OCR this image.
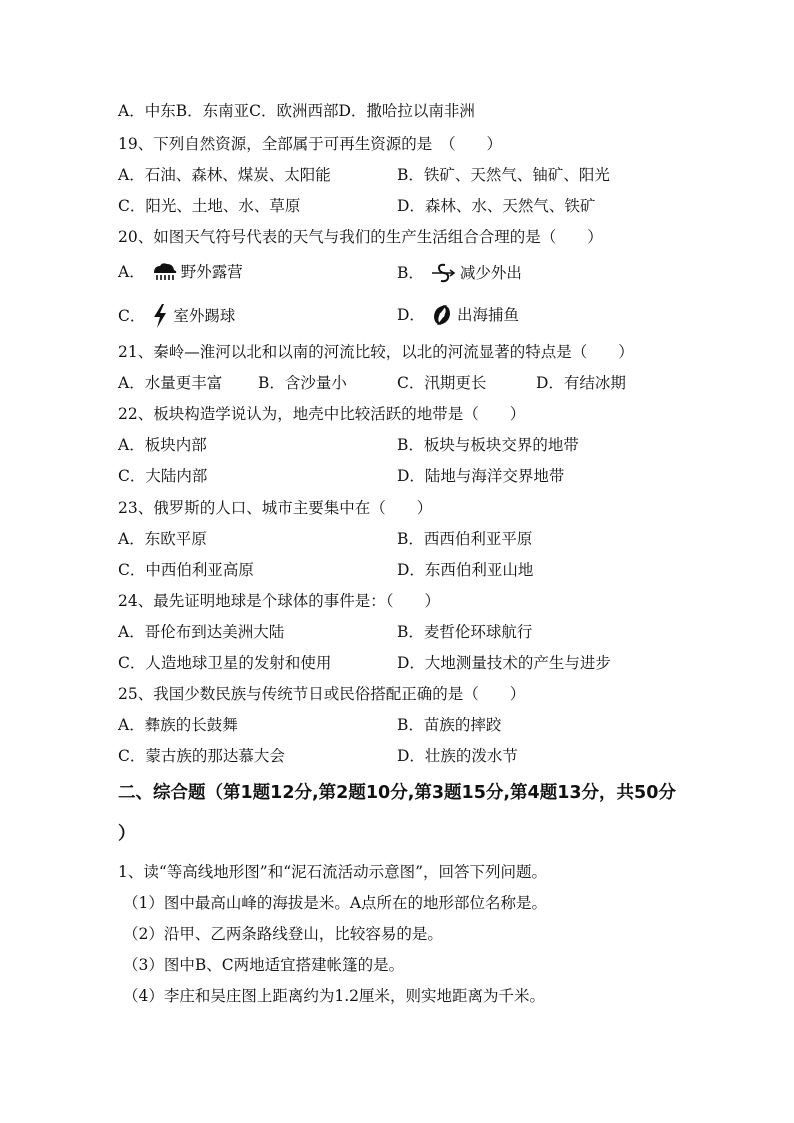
A．中东B．东南亚C．欧洲西部D．撒哈拉以南非洲
19、下列自然资源，全部属于可再生资源的是　（　　）
A．石油、森林、煤炭、太阳能	B．铁矿、天然气、铀矿、阳光
C．阳光、土地、水、草原	D．森林、水、天然气、铁矿
20、如图天气符号代表的天气与我们的生产生活组合合理的是（　　）
A． 野外露营	B． 减少外出
C． 室外踢球	D． 出海捕鱼
21、秦岭—淮河以北和以南的河流比较，以北的河流显著的特点是（　　）
A．水量更丰富 B．含沙量小	C．汛期更长	D．有结冰期
22、板块构造学说认为，地壳中比较活跃的地带是（　　）
A．板块内部	B．板块与板块交界的地带
C．大陆内部	D．陆地与海洋交界地带
23、俄罗斯的人口、城市主要集中在（　　）
A．东欧平原	B．西西伯利亚平原
C．中西伯利亚高原	D．东西伯利亚山地
24、最先证明地球是个球体的事件是：（　　）
A．哥伦布到达美洲大陆	B．麦哲伦环球航行
C．人造地球卫星的发射和使用	D．大地测量技术的产生与进步
25、我国少数民族与传统节日或民俗搭配正确的是（　　）
A．彝族的长鼓舞	B．苗族的摔跤
C．蒙古族的那达慕大会	D．壮族的泼水节
二、综合题（第1题12分,第2题10分,第3题15分,第4题13分，共50分
）
1、读“等高线地形图”和“泥石流活动示意图”，回答下列问题。
（1）图中最高山峰的海拔是米。A点所在的地形部位名称是。
（2）沿甲、乙两条路线登山，比较容易的是。
（3）图中B、C两地适宜搭建帐篷的是。
（4）李庄和吴庄图上距离约为1.2厘米，则实地距离为千米。
